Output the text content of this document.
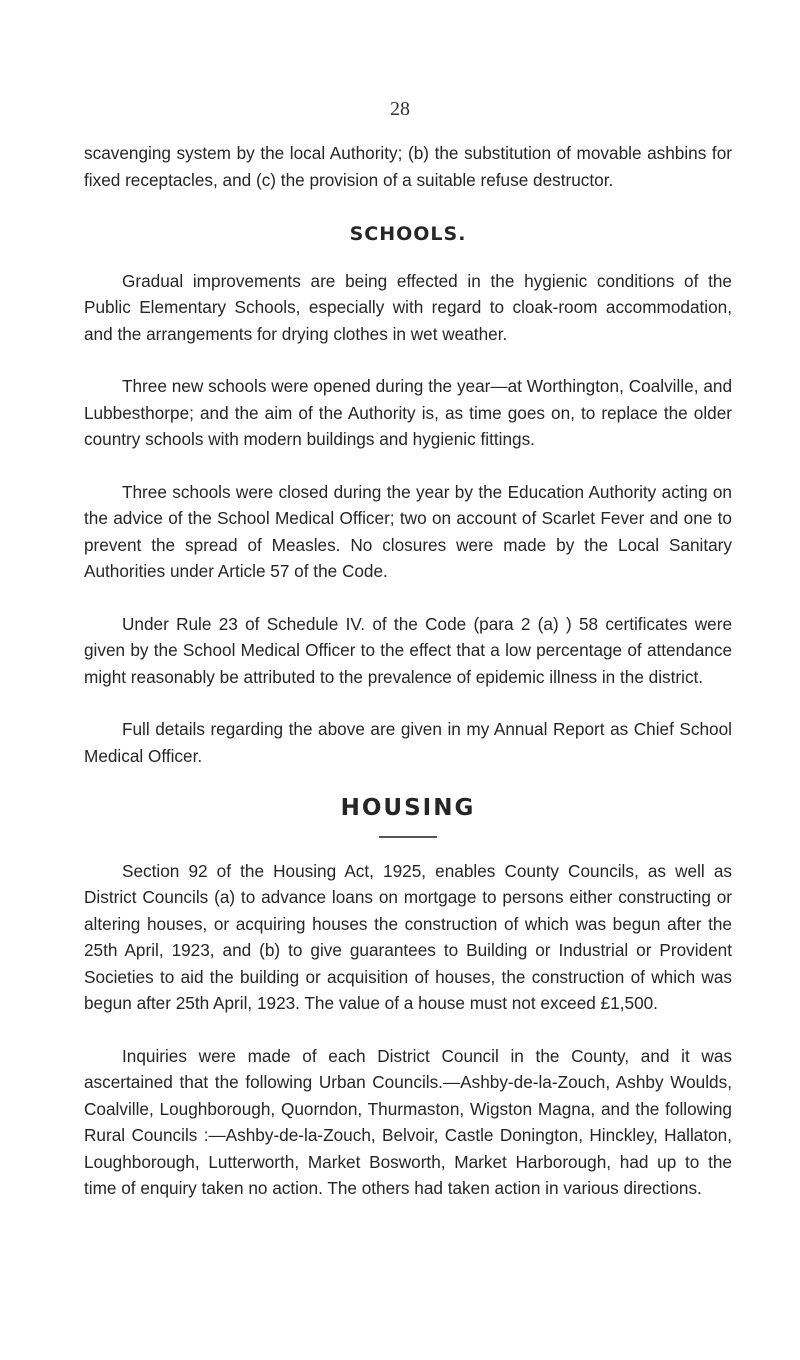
28

scavenging system by the local Authority; (b) the substitution of movable ashbins for fixed receptacles, and (c) the provision of a suitable refuse destructor.

SCHOOLS.

Gradual improvements are being effected in the hygienic conditions of the Public Elementary Schools, especially with regard to cloak-room accommodation, and the arrangements for drying clothes in wet weather.

Three new schools were opened during the year—at Worthington, Coalville, and Lubbesthorpe; and the aim of the Authority is, as time goes on, to replace the older country schools with modern buildings and hygienic fittings.

Three schools were closed during the year by the Education Authority acting on the advice of the School Medical Officer; two on account of Scarlet Fever and one to prevent the spread of Measles. No closures were made by the Local Sanitary Authorities under Article 57 of the Code.

Under Rule 23 of Schedule IV. of the Code (para 2 (a) ) 58 certificates were given by the School Medical Officer to the effect that a low percentage of attendance might reasonably be attributed to the prevalence of epidemic illness in the district.

Full details regarding the above are given in my Annual Report as Chief School Medical Officer.

HOUSING

Section 92 of the Housing Act, 1925, enables County Councils, as well as District Councils (a) to advance loans on mortgage to persons either constructing or altering houses, or acquiring houses the construction of which was begun after the 25th April, 1923, and (b) to give guarantees to Building or Industrial or Provident Societies to aid the building or acquisition of houses, the construction of which was begun after 25th April, 1923. The value of a house must not exceed £1,500.

Inquiries were made of each District Council in the County, and it was ascertained that the following Urban Councils.—Ashby-de-la-Zouch, Ashby Woulds, Coalville, Loughborough, Quorndon, Thurmaston, Wigston Magna, and the following Rural Councils :—Ashby-de-la-Zouch, Belvoir, Castle Donington, Hinckley, Hallaton, Loughborough, Lutterworth, Market Bosworth, Market Harborough, had up to the time of enquiry taken no action. The others had taken action in various directions.
